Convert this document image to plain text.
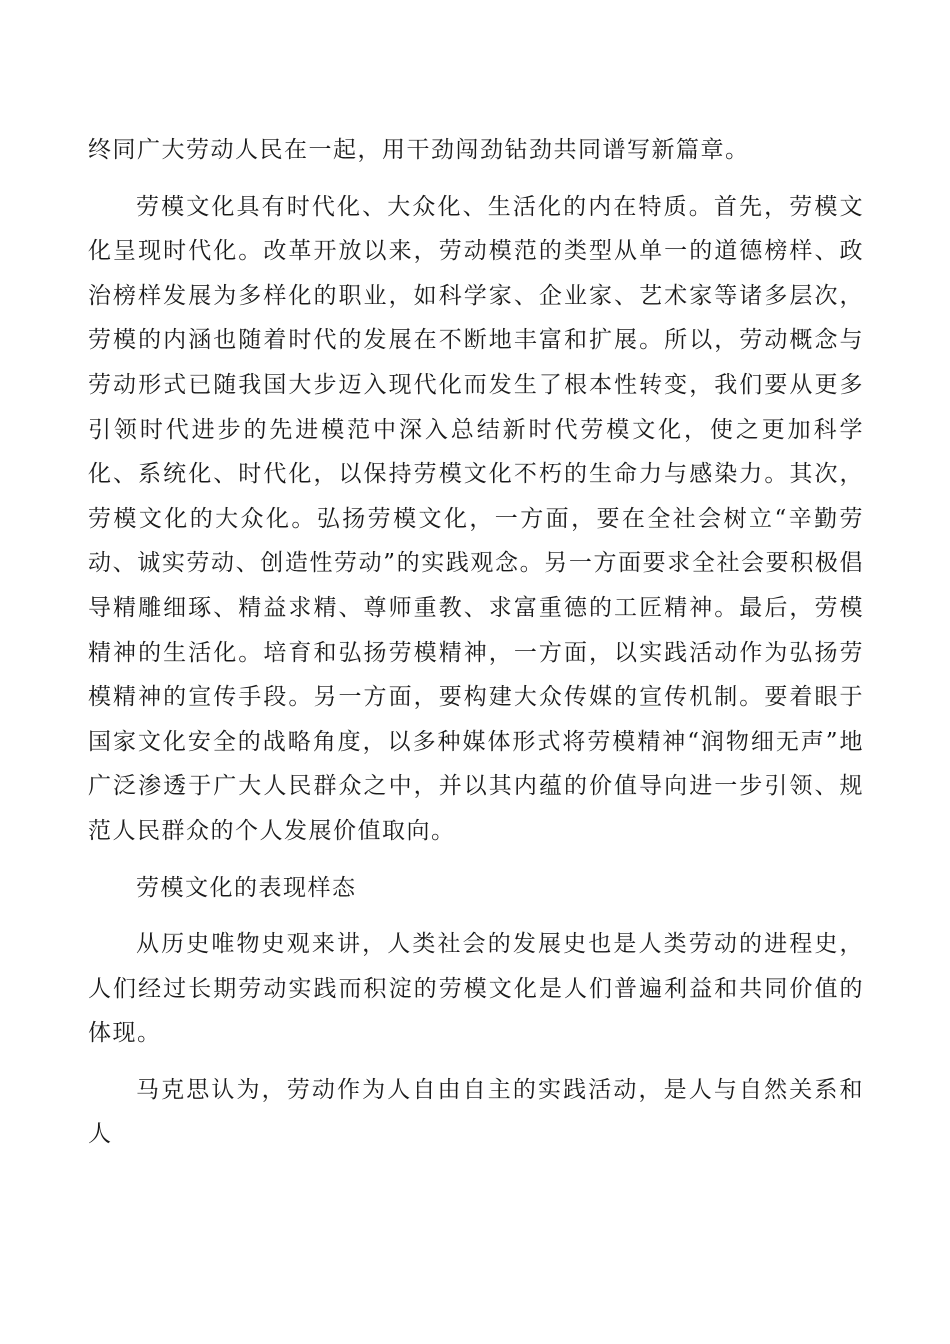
终同广大劳动人民在一起，用干劲闯劲钻劲共同谱写新篇章。

劳模文化具有时代化、大众化、生活化的内在特质。首先，劳模文化呈现时代化。改革开放以来，劳动模范的类型从单一的道德榜样、政治榜样发展为多样化的职业，如科学家、企业家、艺术家等诸多层次，劳模的内涵也随着时代的发展在不断地丰富和扩展。所以，劳动概念与劳动形式已随我国大步迈入现代化而发生了根本性转变，我们要从更多引领时代进步的先进模范中深入总结新时代劳模文化，使之更加科学化、系统化、时代化，以保持劳模文化不朽的生命力与感染力。其次，劳模文化的大众化。弘扬劳模文化，一方面，要在全社会树立“辛勤劳动、诚实劳动、创造性劳动”的实践观念。另一方面要求全社会要积极倡导精雕细琢、精益求精、尊师重教、求富重德的工匠精神。最后，劳模精神的生活化。培育和弘扬劳模精神，一方面，以实践活动作为弘扬劳模精神的宣传手段。另一方面，要构建大众传媒的宣传机制。要着眼于国家文化安全的战略角度，以多种媒体形式将劳模精神“润物细无声”地广泛渗透于广大人民群众之中，并以其内蕴的价值导向进一步引领、规范人民群众的个人发展价值取向。

劳模文化的表现样态

从历史唯物史观来讲，人类社会的发展史也是人类劳动的进程史，人们经过长期劳动实践而积淀的劳模文化是人们普遍利益和共同价值的体现。

马克思认为，劳动作为人自由自主的实践活动，是人与自然关系和人
